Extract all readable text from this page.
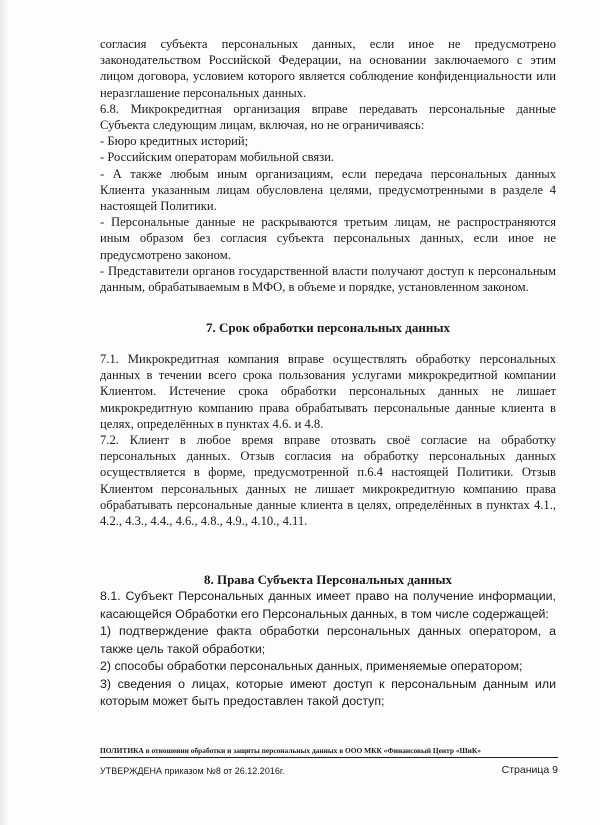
согласия субъекта персональных данных, если иное не предусмотрено законодательством Российской Федерации, на основании заключаемого с этим лицом договора, условием которого является соблюдение конфиденциальности или неразглашение персональных данных.

6.8. Микрокредитная организация вправе передавать персональные данные Субъекта следующим лицам, включая, но не ограничиваясь:

- Бюро кредитных историй;

- Российским операторам мобильной связи.

- А также любым иным организациям, если передача персональных данных Клиента указанным лицам обусловлена целями, предусмотренными в разделе 4 настоящей Политики.

- Персональные данные не раскрываются третьим лицам, не распространяются иным образом без согласия субъекта персональных данных, если иное не предусмотрено законом.

- Представители органов государственной власти получают доступ к персональным данным, обрабатываемым в МФО, в объеме и порядке, установленном законом.

7. Срок обработки персональных данных

7.1. Микрокредитная компания вправе осуществлять обработку персональных данных в течении всего срока пользования услугами микрокредитной компании Клиентом. Истечение срока обработки персональных данных не лишает микрокредитную компанию права обрабатывать персональные данные клиента в целях, определённых в пунктах 4.6. и 4.8.

7.2. Клиент в любое время вправе отозвать своё согласие на обработку персональных данных. Отзыв согласия на обработку персональных данных осуществляется в форме, предусмотренной п.6.4 настоящей Политики. Отзыв Клиентом персональных данных не лишает микрокредитную компанию права обрабатывать персональные данные клиента в целях, определённых в пунктах 4.1., 4.2., 4.3., 4.4., 4.6., 4.8., 4.9., 4.10., 4.11.

8. Права Субъекта Персональных данных

8.1. Субъект Персональных данных имеет право на получение информации, касающейся Обработки его Персональных данных, в том числе содержащей:

1) подтверждение факта обработки персональных данных оператором, а также цель такой обработки;

2) способы обработки персональных данных, применяемые оператором;

3) сведения о лицах, которые имеют доступ к персональным данным или которым может быть предоставлен такой доступ;

ПОЛИТИКА в отношении обработки и защиты персональных данных в ООО МКК «Финансовый Центр «ШиК»
УТВЕРЖДЕНА приказом №8 от 26.12.2016г.	Страница 9
